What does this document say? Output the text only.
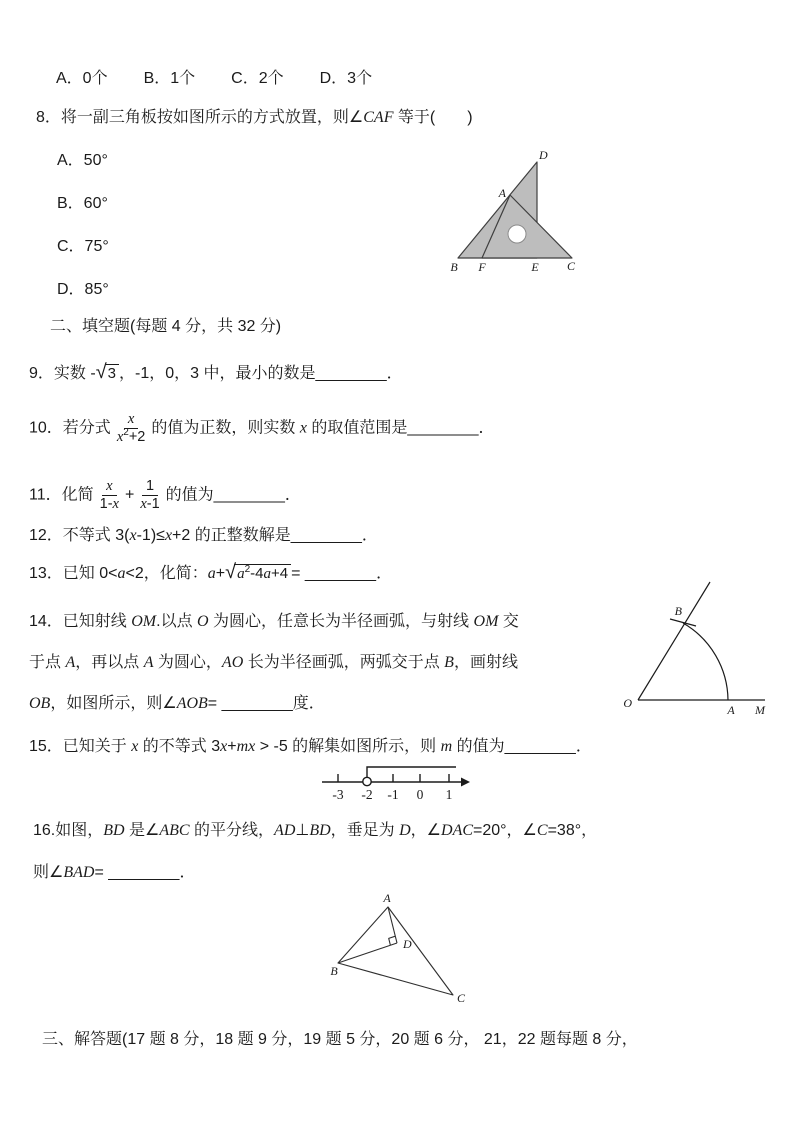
A．0个 B．1个 C．2个 D．3个
8．将一副三角板按如图所示的方式放置，则∠CAF 等于(　　)
A．50°
B．60°
C．75°
D．85°
D
A
B F	E C
二、填空题(每题 4 分，共 32 分)
9．实数 - √ 3 ，-1，0，3 中，最小的数是________．
10．若分式 $\frac{x}{x^2+2}$ 的值为正数，则实数 x 的取值范围是________．
11．化简 $\frac{x}{1-x} + \frac{1}{x-1}$ 的值为________．
12．不等式 3(x-1)≤x+2 的正整数解是________．
13．已知 0<a<2，化简：a+ √ $a^2-4a+4$ = ________．
14．已知射线 OM.以点 O 为圆心，任意长为半径画弧，与射线 OM 交
于点 A，再以点 A 为圆心，AO 长为半径画弧，两弧交于点 B，画射线
OB，如图所示，则∠AOB= ________度．	O
B
A M
15．已知关于 x 的不等式 3x+mx > -5 的解集如图所示，则 m 的值为________．
-3 -2 -1 0 1
16.如图，BD 是∠ABC 的平分线，AD⊥BD，垂足为 D，∠DAC=20°，∠C=38°，
则∠BAD= ________．
A
B
C
D
三、解答题(17 题 8 分，18 题 9 分，19 题 5 分，20 题 6 分， 21，22 题每题 8 分，
